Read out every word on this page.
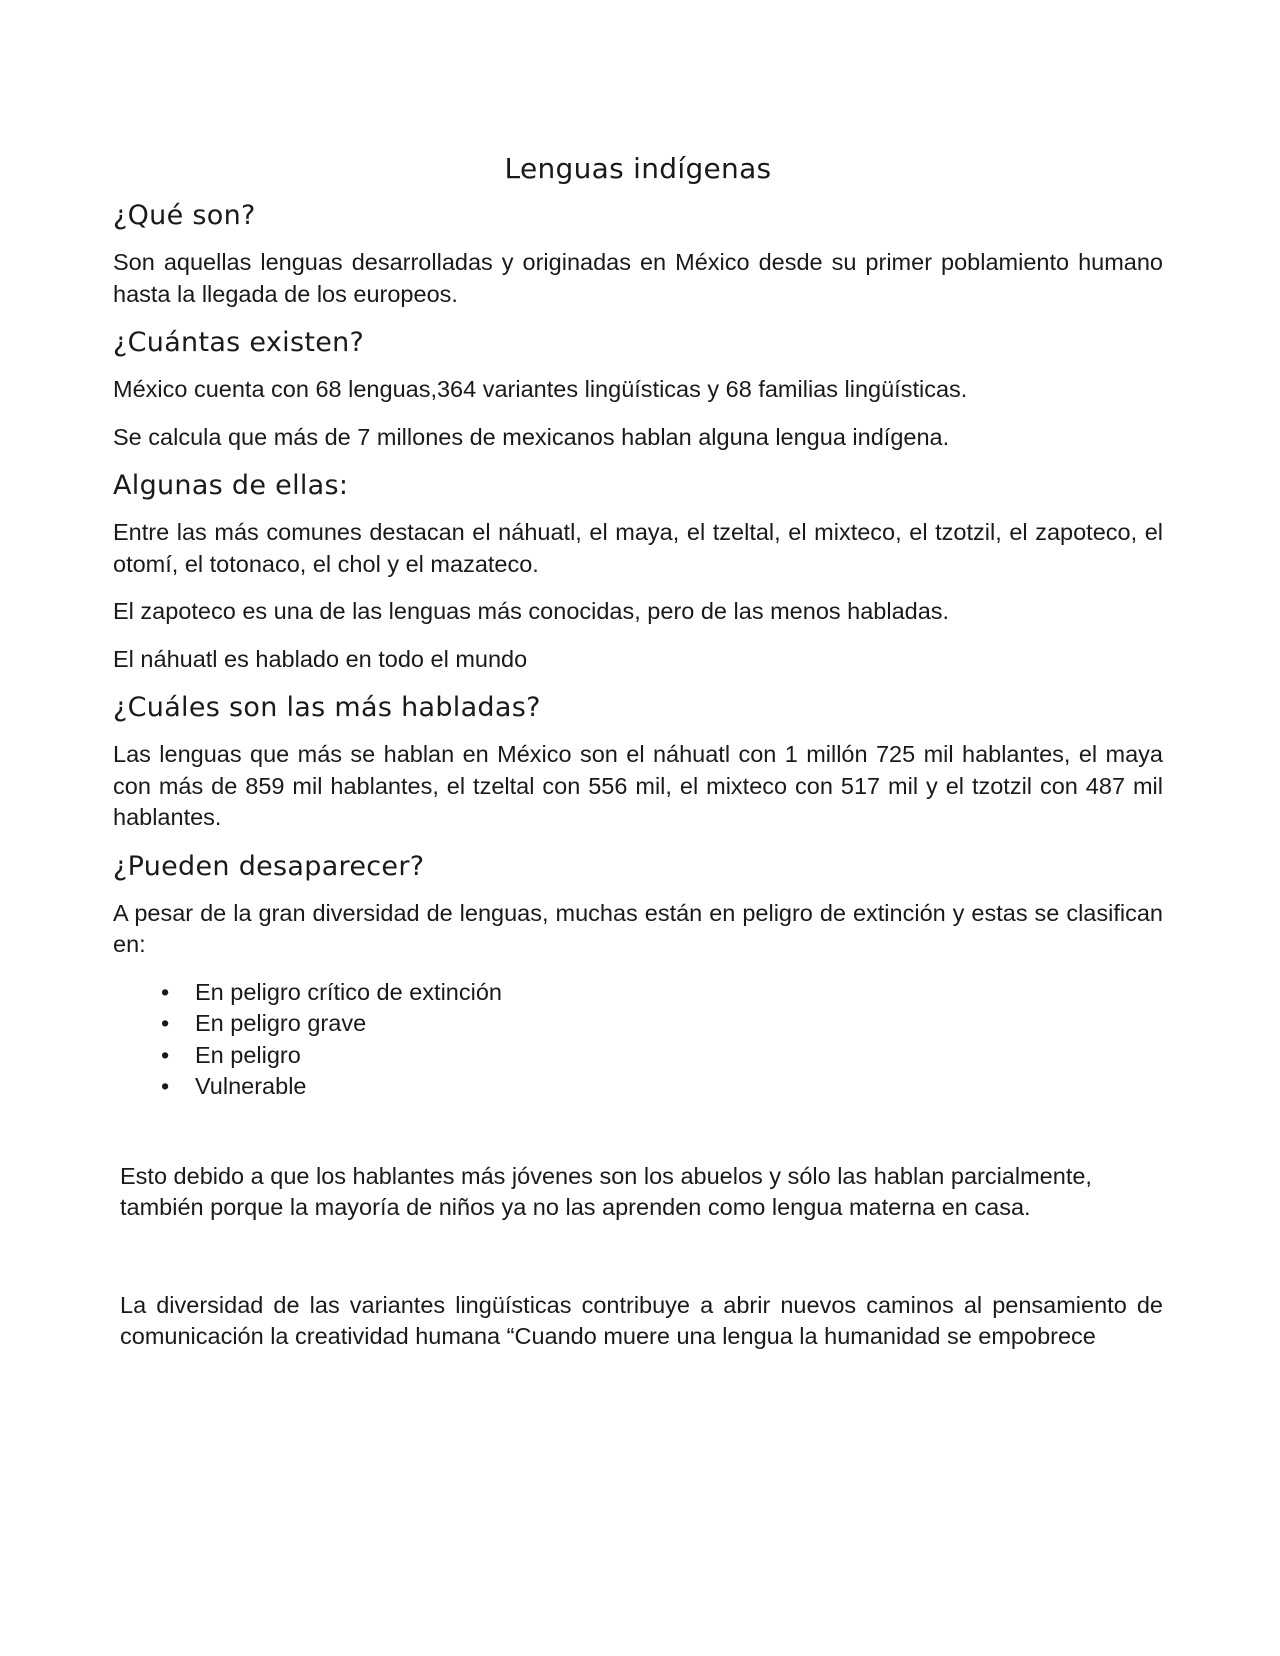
Lenguas indígenas
¿Qué son?

Son aquellas lenguas desarrolladas y originadas en México desde su primer poblamiento humano hasta la llegada de los europeos.

¿Cuántas existen?

México cuenta con 68 lenguas,364 variantes lingüísticas y 68 familias lingüísticas.

Se calcula que más de 7 millones de mexicanos hablan alguna lengua indígena.

Algunas de ellas:

Entre las más comunes destacan el náhuatl, el maya, el tzeltal, el mixteco, el tzotzil, el zapoteco, el otomí, el totonaco, el chol y el mazateco.

El zapoteco es una de las lenguas más conocidas, pero de las menos habladas.

El náhuatl es hablado en todo el mundo

¿Cuáles son las más habladas?

Las lenguas que más se hablan en México son el náhuatl con 1 millón 725 mil hablantes, el maya con más de 859 mil hablantes, el tzeltal con 556 mil, el mixteco con 517 mil y el tzotzil con 487 mil hablantes.

¿Pueden desaparecer?

A pesar de la gran diversidad de lenguas, muchas están en peligro de extinción y estas se clasifican en:

• En peligro crítico de extinción
• En peligro grave
• En peligro
• Vulnerable

Esto debido a que los hablantes más jóvenes son los abuelos y sólo las hablan parcialmente, también porque la mayoría de niños ya no las aprenden como lengua materna en casa.

La diversidad de las variantes lingüísticas contribuye a abrir nuevos caminos al pensamiento de comunicación la creatividad humana “Cuando muere una lengua la humanidad se empobrece
